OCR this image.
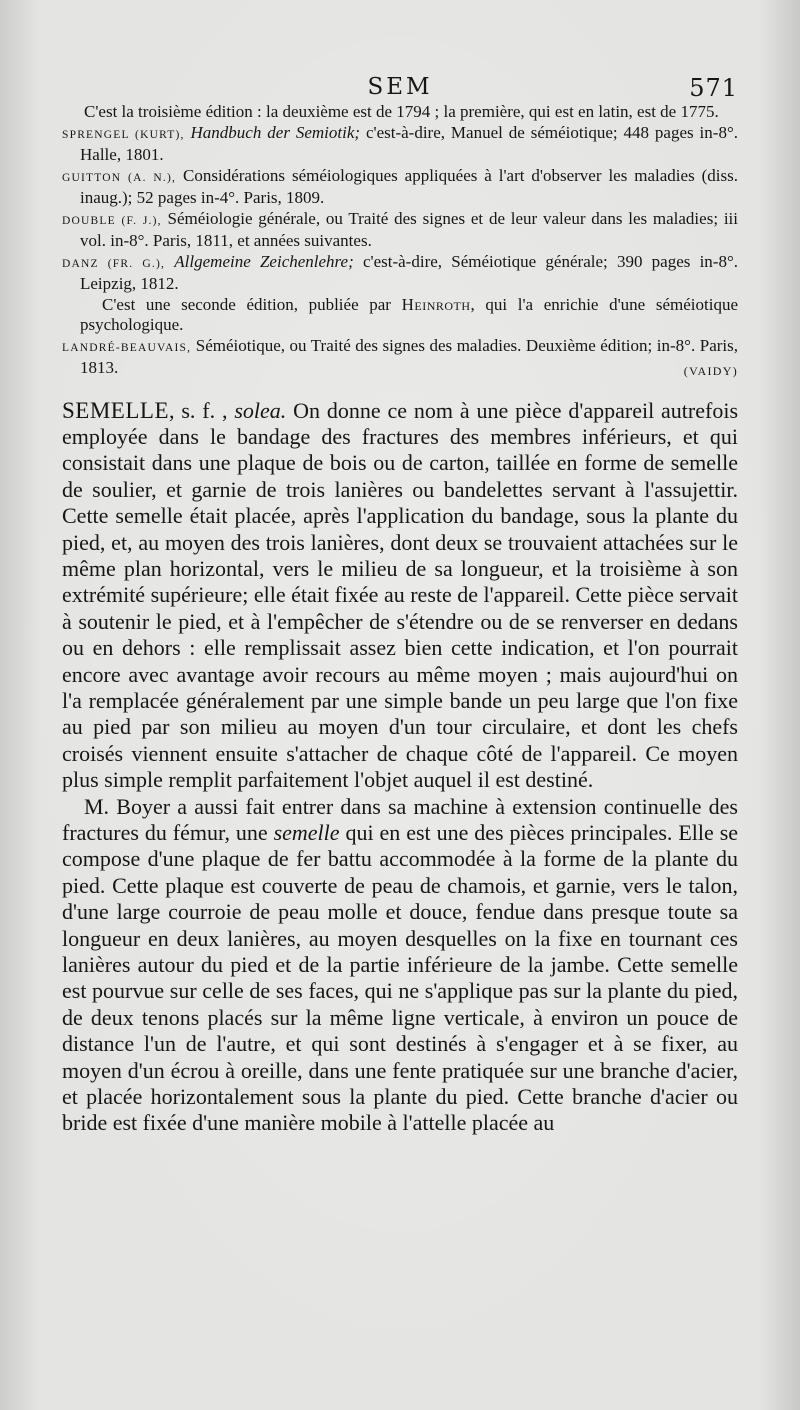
SEM	571

C'est la troisième édition : la deuxième est de 1794 ; la première, qui est en latin, est de 1775.

SPRENGEL (KURT), Handbuch der Semiotik; c'est-à-dire, Manuel de séméiotique; 448 pages in-8°. Halle, 1801.

GUITTON (A. N.), Considérations séméiologiques appliquées à l'art d'observer les maladies (diss. inaug.); 52 pages in-4°. Paris, 1809.

DOUBLE (F. J.), Séméiologie générale, ou Traité des signes et de leur valeur dans les maladies; iii vol. in-8°. Paris, 1811, et années suivantes.

DANZ (FR. G.), Allgemeine Zeichenlehre; c'est-à-dire, Séméiotique générale; 390 pages in-8°. Leipzig, 1812.

C'est une seconde édition, publiée par Heinroth, qui l'a enrichie d'une séméiotique psychologique.

LANDRÉ-BEAUVAIS, Séméiotique, ou Traité des signes des maladies. Deuxième édition; in-8°. Paris, 1813.	(VAIDY)

SEMELLE, s. f. , solea. On donne ce nom à une pièce d'appareil autrefois employée dans le bandage des fractures des membres inférieurs, et qui consistait dans une plaque de bois ou de carton, taillée en forme de semelle de soulier, et garnie de trois lanières ou bandelettes servant à l'assujettir. Cette semelle était placée, après l'application du bandage, sous la plante du pied, et, au moyen des trois lanières, dont deux se trouvaient attachées sur le même plan horizontal, vers le milieu de sa longueur, et la troisième à son extrémité supérieure; elle était fixée au reste de l'appareil. Cette pièce servait à soutenir le pied, et à l'empêcher de s'étendre ou de se renverser en dedans ou en dehors : elle remplissait assez bien cette indication, et l'on pourrait encore avec avantage avoir recours au même moyen ; mais aujourd'hui on l'a remplacée généralement par une simple bande un peu large que l'on fixe au pied par son milieu au moyen d'un tour circulaire, et dont les chefs croisés viennent ensuite s'attacher de chaque côté de l'appareil. Ce moyen plus simple remplit parfaitement l'objet auquel il est destiné.

M. Boyer a aussi fait entrer dans sa machine à extension continuelle des fractures du fémur, une semelle qui en est une des pièces principales. Elle se compose d'une plaque de fer battu accommodée à la forme de la plante du pied. Cette plaque est couverte de peau de chamois, et garnie, vers le talon, d'une large courroie de peau molle et douce, fendue dans presque toute sa longueur en deux lanières, au moyen desquelles on la fixe en tournant ces lanières autour du pied et de la partie inférieure de la jambe. Cette semelle est pourvue sur celle de ses faces, qui ne s'applique pas sur la plante du pied, de deux tenons placés sur la même ligne verticale, à environ un pouce de distance l'un de l'autre, et qui sont destinés à s'engager et à se fixer, au moyen d'un écrou à oreille, dans une fente pratiquée sur une branche d'acier, et placée horizontalement sous la plante du pied. Cette branche d'acier ou bride est fixée d'une manière mobile à l'attelle placée au
